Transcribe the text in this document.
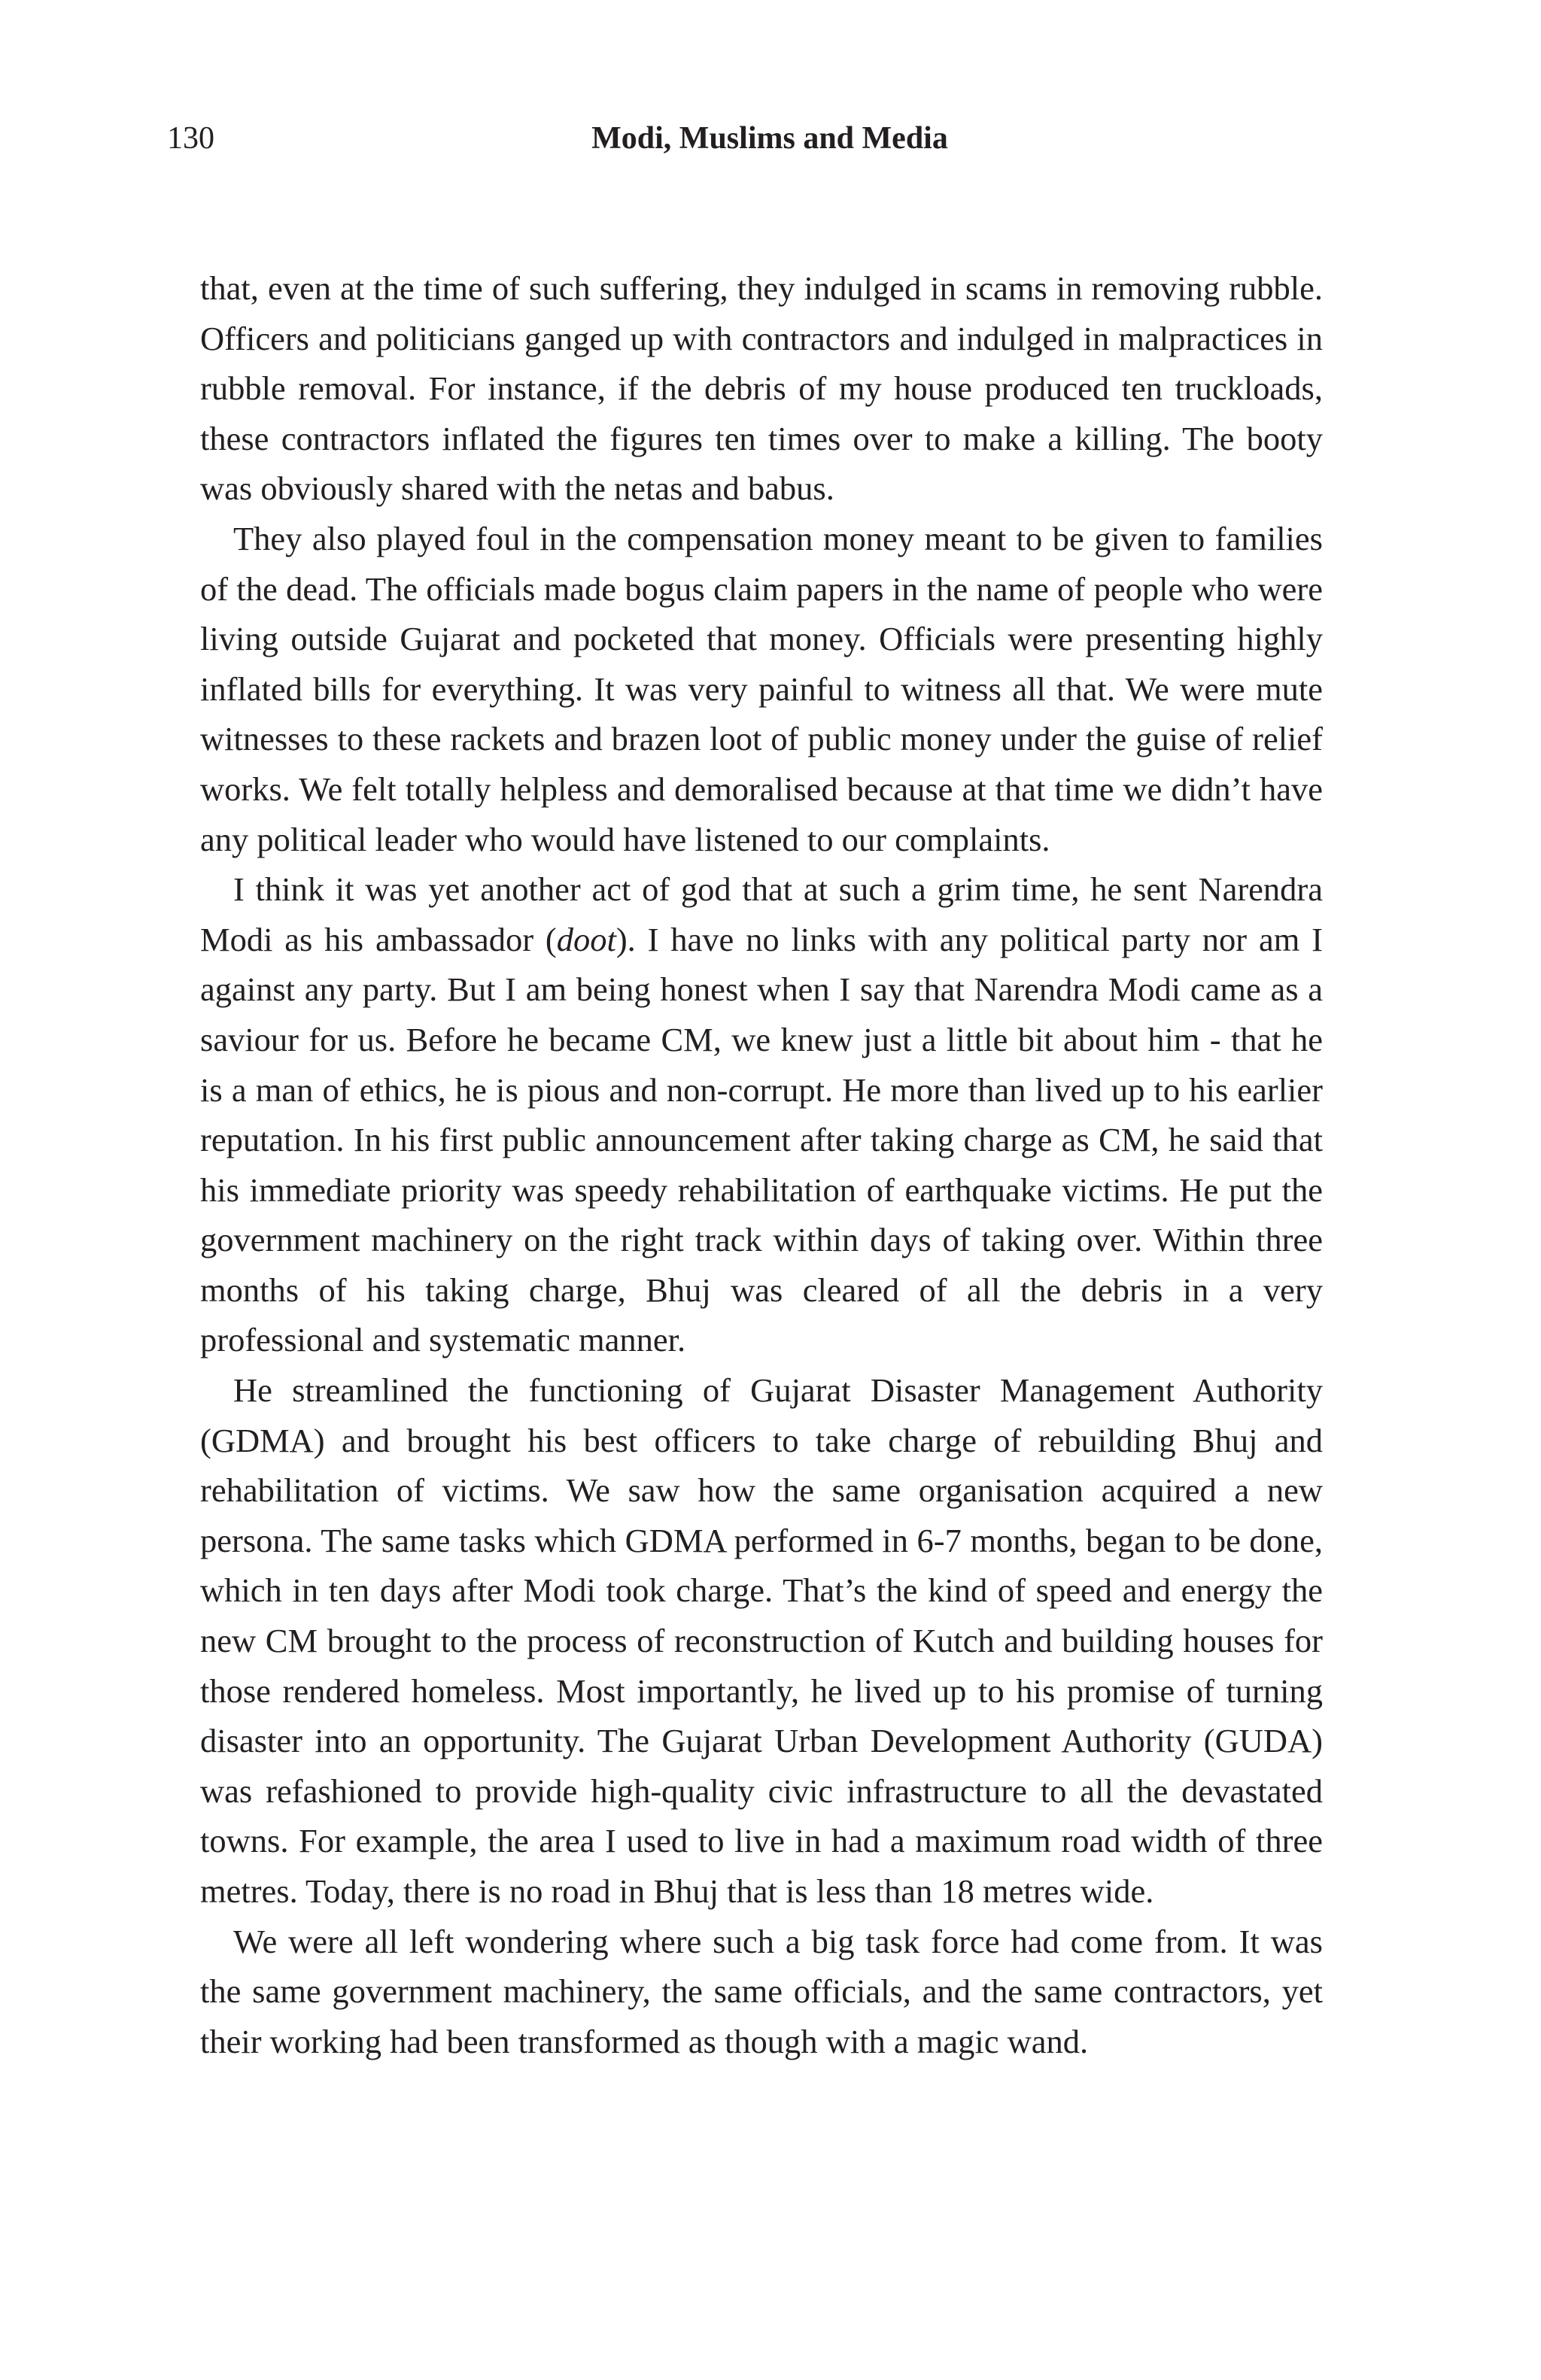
130	Modi, Muslims and Media

that, even at the time of such suffering, they indulged in scams in removing rubble. Officers and politicians ganged up with contractors and indulged in malpractices in rubble removal. For instance, if the debris of my house produced ten truckloads, these contractors inflated the figures ten times over to make a killing. The booty was obviously shared with the netas and babus.

They also played foul in the compensation money meant to be given to families of the dead. The officials made bogus claim papers in the name of people who were living outside Gujarat and pocketed that money. Officials were presenting highly inflated bills for everything. It was very painful to witness all that. We were mute witnesses to these rackets and brazen loot of public money under the guise of relief works. We felt totally helpless and demoralised because at that time we didn’t have any political leader who would have listened to our complaints.

I think it was yet another act of god that at such a grim time, he sent Narendra Modi as his ambassador (doot). I have no links with any political party nor am I against any party. But I am being honest when I say that Narendra Modi came as a saviour for us. Before he became CM, we knew just a little bit about him - that he is a man of ethics, he is pious and non-corrupt. He more than lived up to his earlier reputation. In his first public announcement after taking charge as CM, he said that his immediate priority was speedy rehabilitation of earthquake victims. He put the government machinery on the right track within days of taking over. Within three months of his taking charge, Bhuj was cleared of all the debris in a very professional and systematic manner.

He streamlined the functioning of Gujarat Disaster Management Authority (GDMA) and brought his best officers to take charge of rebuilding Bhuj and rehabilitation of victims. We saw how the same organisation acquired a new persona. The same tasks which GDMA performed in 6-7 months, began to be done, which in ten days after Modi took charge. That’s the kind of speed and energy the new CM brought to the process of reconstruction of Kutch and building houses for those rendered homeless. Most importantly, he lived up to his promise of turning disaster into an opportunity. The Gujarat Urban Development Authority (GUDA) was refashioned to provide high-quality civic infrastructure to all the devastated towns. For example, the area I used to live in had a maximum road width of three metres. Today, there is no road in Bhuj that is less than 18 metres wide.

We were all left wondering where such a big task force had come from. It was the same government machinery, the same officials, and the same contractors, yet their working had been transformed as though with a magic wand.
